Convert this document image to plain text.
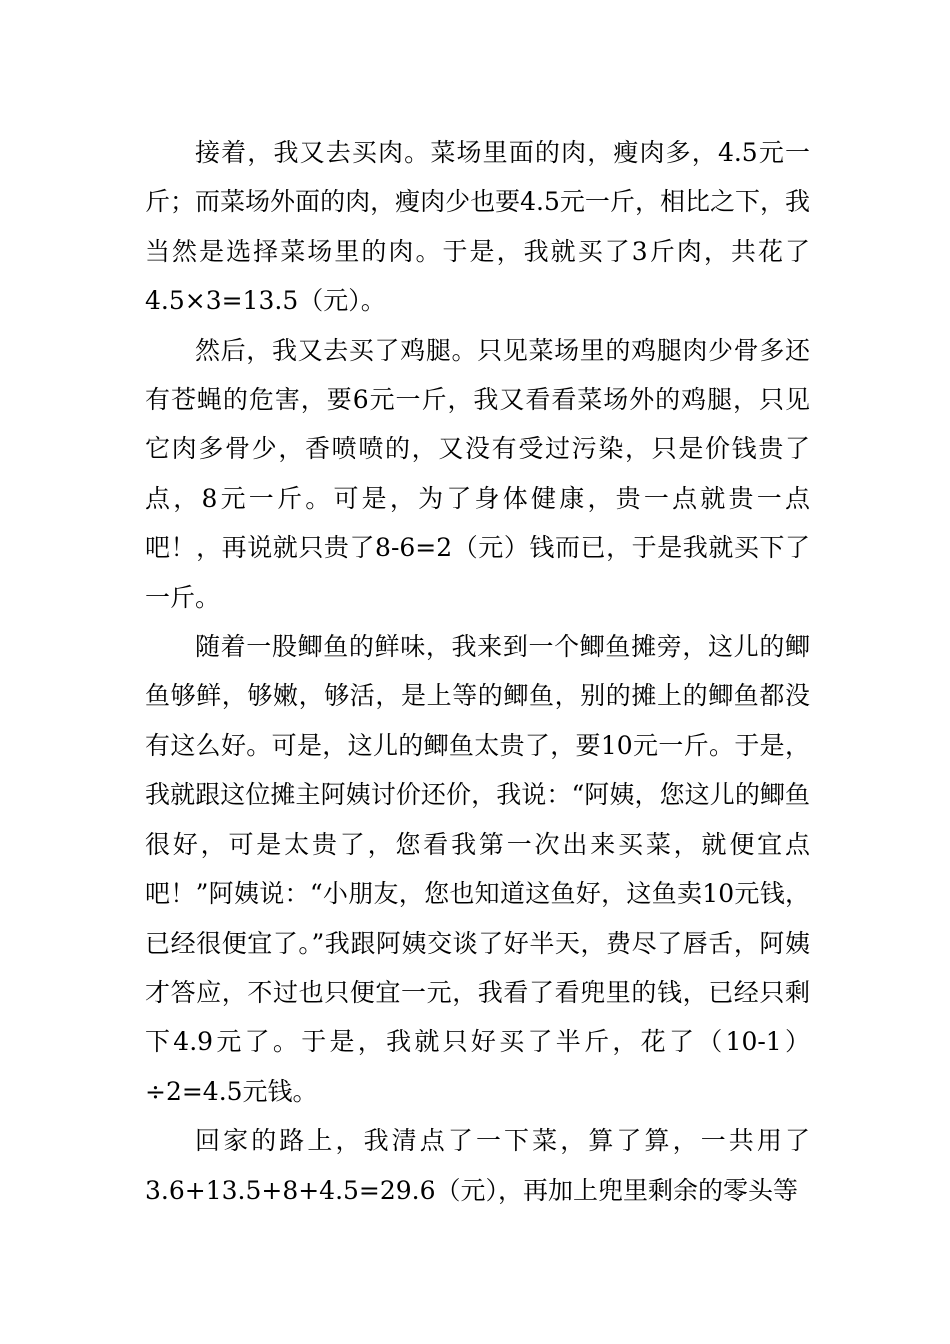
接着，我又去买肉。菜场里面的肉，瘦肉多，4.5元一斤；而菜场外面的肉，瘦肉少也要4.5元一斤，相比之下，我当然是选择菜场里的肉。于是，我就买了3斤肉，共花了4.5×3=13.5（元）。

然后，我又去买了鸡腿。只见菜场里的鸡腿肉少骨多还有苍蝇的危害，要6元一斤，我又看看菜场外的鸡腿，只见它肉多骨少，香喷喷的，又没有受过污染，只是价钱贵了点，8元一斤。可是，为了身体健康，贵一点就贵一点吧！，再说就只贵了8-6=2（元）钱而已，于是我就买下了一斤。

随着一股鲫鱼的鲜味，我来到一个鲫鱼摊旁，这儿的鲫鱼够鲜，够嫩，够活，是上等的鲫鱼，别的摊上的鲫鱼都没有这么好。可是，这儿的鲫鱼太贵了，要10元一斤。于是，我就跟这位摊主阿姨讨价还价，我说：“阿姨，您这儿的鲫鱼很好，可是太贵了，您看我第一次出来买菜，就便宜点吧！”阿姨说：“小朋友，您也知道这鱼好，这鱼卖10元钱，已经很便宜了。”我跟阿姨交谈了好半天，费尽了唇舌，阿姨才答应，不过也只便宜一元，我看了看兜里的钱，已经只剩下4.9元了。于是，我就只好买了半斤，花了（10-1）÷2=4.5元钱。

回家的路上，我清点了一下菜，算了算，一共用了3.6+13.5+8+4.5=29.6（元），再加上兜里剩余的零头等
